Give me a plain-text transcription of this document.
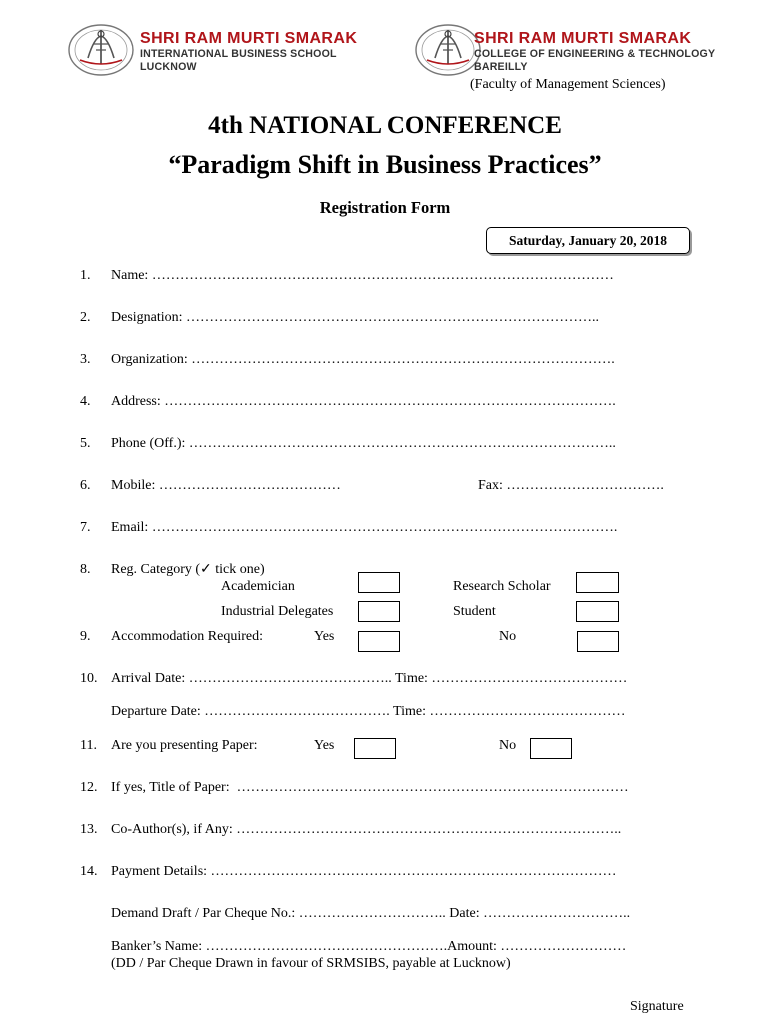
SHRI RAM MURTI SMARAK
INTERNATIONAL BUSINESS SCHOOL
LUCKNOW
SHRI RAM MURTI SMARAK
COLLEGE OF ENGINEERING & TECHNOLOGY
BAREILLY
(Faculty of Management Sciences)
4th NATIONAL CONFERENCE
“Paradigm Shift in Business Practices”
Registration Form
Saturday, January 20, 2018
1. Name: ………………………………………………………………………………………
2. Designation: ……………………………………………………………………………..
3. Organization: ……………………………………………………………………………….
4. Address: …………………………………………………………………………………….
5. Phone (Off.): ………………………………………………………………………………..
6. Mobile: …………………………………	Fax: …………………………….
7. Email: ……………………………………………………………………………………….
8. Reg. Category (✓ tick one)
Academician	Research Scholar
Industrial Delegates	Student
9. Accommodation Required:	Yes	No
10. Arrival Date: …………………………………….. Time: ……………………………………
Departure Date: …………………………………. Time: ……………………………………
11. Are you presenting Paper:	Yes	No
12. If yes, Title of Paper:  …………………………………………………………………………
13. Co-Author(s), if Any: ………………………………………………………………………..
14. Payment Details: ……………………………………………………………………………
Demand Draft / Par Cheque No.: ………………………….. Date: …………………………..
Banker’s Name: …………………………………………….Amount: ………………………
(DD / Par Cheque Drawn in favour of SRMSIBS, payable at Lucknow)
Signature
